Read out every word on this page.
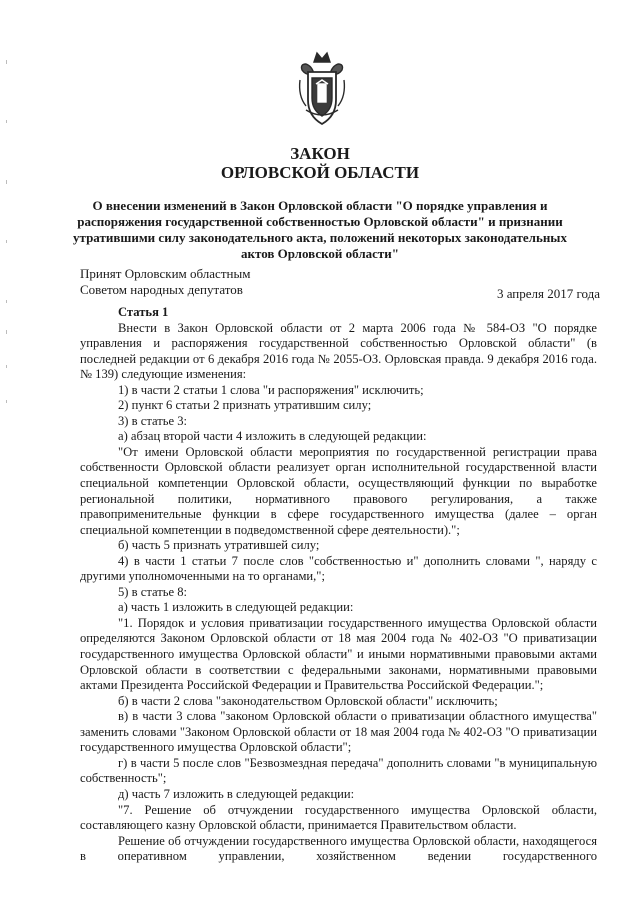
ЗАКОН
ОРЛОВСКОЙ ОБЛАСТИ
О внесении изменений в Закон Орловской области "О порядке управления и распоряжения государственной собственностью Орловской области" и признании утратившими силу законодательного акта, положений некоторых законодательных актов Орловской области"
Принят Орловским областным
Советом народных депутатов	3 апреля 2017 года

Статья 1

Внести в Закон Орловской области от 2 марта 2006 года № 584-ОЗ "О порядке управления и распоряжения государственной собственностью Орловской области" (в последней редакции от 6 декабря 2016 года № 2055-ОЗ. Орловская правда. 9 декабря 2016 года. № 139) следующие изменения:

1) в части 2 статьи 1 слова "и распоряжения" исключить;

2) пункт 6 статьи 2 признать утратившим силу;

3) в статье 3:

а) абзац второй части 4 изложить в следующей редакции:

"От имени Орловской области мероприятия по государственной регистрации права собственности Орловской области реализует орган исполнительной государственной власти специальной компетенции Орловской области, осуществляющий функции по выработке региональной политики, нормативного правового регулирования, а также правоприменительные функции в сфере государственного имущества (далее – орган специальной компетенции в подведомственной сфере деятельности).";

б) часть 5 признать утратившей силу;

4) в части 1 статьи 7 после слов "собственностью и" дополнить словами ", наряду с другими уполномоченными на то органами,";

5) в статье 8:

а) часть 1 изложить в следующей редакции:

"1. Порядок и условия приватизации государственного имущества Орловской области определяются Законом Орловской области от 18 мая 2004 года № 402-ОЗ "О приватизации государственного имущества Орловской области" и иными нормативными правовыми актами Орловской области в соответствии с федеральными законами, нормативными правовыми актами Президента Российской Федерации и Правительства Российской Федерации.";

б) в части 2 слова "законодательством Орловской области" исключить;

в) в части 3 слова "законом Орловской области о приватизации областного имущества" заменить словами "Законом Орловской области от 18 мая 2004 года № 402-ОЗ "О приватизации государственного имущества Орловской области";

г) в части 5 после слов "Безвозмездная передача" дополнить словами "в муниципальную собственность";

д) часть 7 изложить в следующей редакции:

"7. Решение об отчуждении государственного имущества Орловской области, составляющего казну Орловской области, принимается Правительством области.

Решение об отчуждении государственного имущества Орловской области, находящегося в оперативном управлении, хозяйственном ведении государственного
